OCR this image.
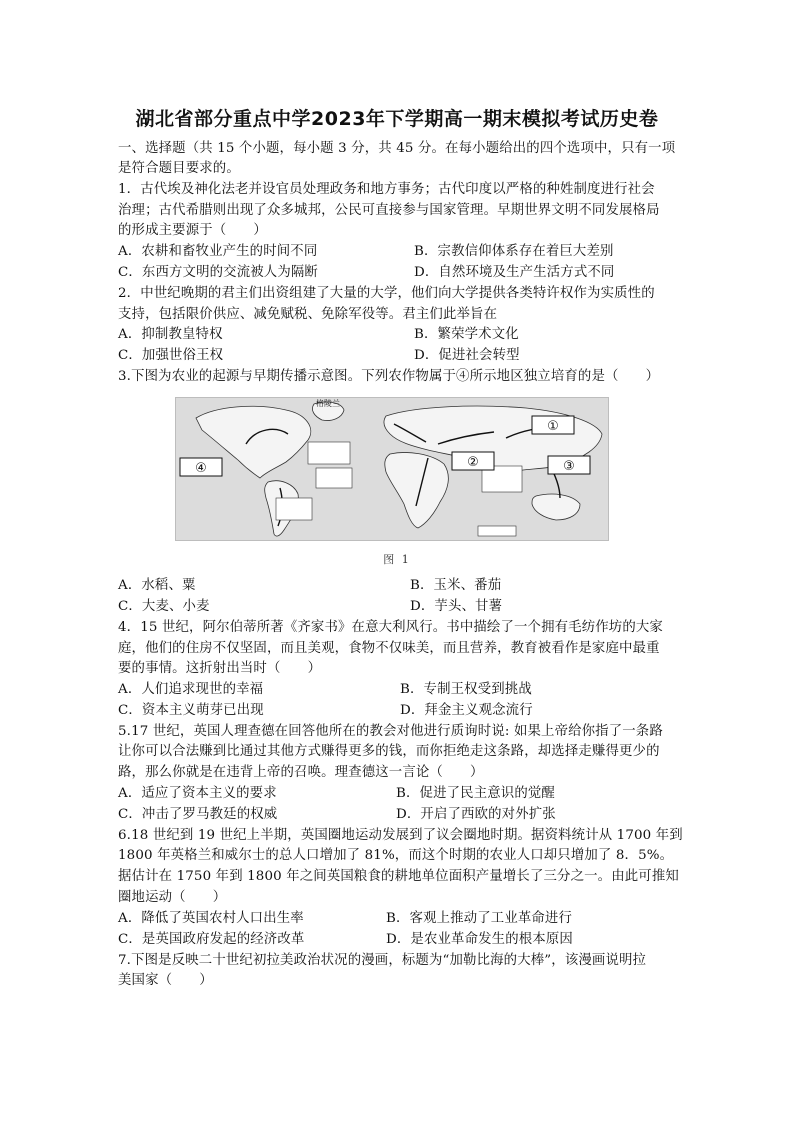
湖北省部分重点中学2023年下学期高一期末模拟考试历史卷
一、选择题（共 15 个小题，每小题 3 分，共 45 分。在每小题给出的四个选项中，只有一项
是符合题目要求的。
1．古代埃及神化法老并设官员处理政务和地方事务；古代印度以严格的种姓制度进行社会
治理；古代希腊则出现了众多城邦，公民可直接参与国家管理。早期世界文明不同发展格局
的形成主要源于（　　）
A．农耕和畜牧业产生的时间不同	B．宗教信仰体系存在着巨大差别
C．东西方文明的交流被人为隔断	D．自然环境及生产生活方式不同
2．中世纪晚期的君主们出资组建了大量的大学，他们向大学提供各类特许权作为实质性的
支持，包括限价供应、减免赋税、免除军役等。君主们此举旨在
A．抑制教皇特权	B．繁荣学术文化
C．加强世俗王权	D．促进社会转型
3.下图为农业的起源与早期传播示意图。下列农作物属于④所示地区独立培育的是（　　）
①
②	③
④
格陵兰
图 1
A．水稻、粟	B．玉米、番茄
C．大麦、小麦	D．芋头、甘薯
4．15 世纪，阿尔伯蒂所著《齐家书》在意大利风行。书中描绘了一个拥有毛纺作坊的大家
庭，他们的住房不仅坚固，而且美观，食物不仅味美，而且营养，教育被看作是家庭中最重
要的事情。这折射出当时（　　）
A．人们追求现世的幸福	B．专制王权受到挑战
C．资本主义萌芽已出现	D．拜金主义观念流行
5.17 世纪，英国人理查德在回答他所在的教会对他进行质询时说: 如果上帝给你指了一条路
让你可以合法赚到比通过其他方式赚得更多的钱，而你拒绝走这条路，却选择走赚得更少的
路，那么你就是在违背上帝的召唤。理查德这一言论（　　）
A．适应了资本主义的要求	B．促进了民主意识的觉醒
C．冲击了罗马教廷的权威	D．开启了西欧的对外扩张
6.18 世纪到 19 世纪上半期，英国圈地运动发展到了议会圈地时期。据资料统计从 1700 年到
1800 年英格兰和威尔士的总人口增加了 81%，而这个时期的农业人口却只增加了 8．5%。
据估计在 1750 年到 1800 年之间英国粮食的耕地单位面积产量增长了三分之一。由此可推知
圈地运动（　　）
A．降低了英国农村人口出生率	B．客观上推动了工业革命进行
C．是英国政府发起的经济改革	D．是农业革命发生的根本原因
7.下图是反映二十世纪初拉美政治状况的漫画，标题为“加勒比海的大棒”，该漫画说明拉
美国家（　　）
